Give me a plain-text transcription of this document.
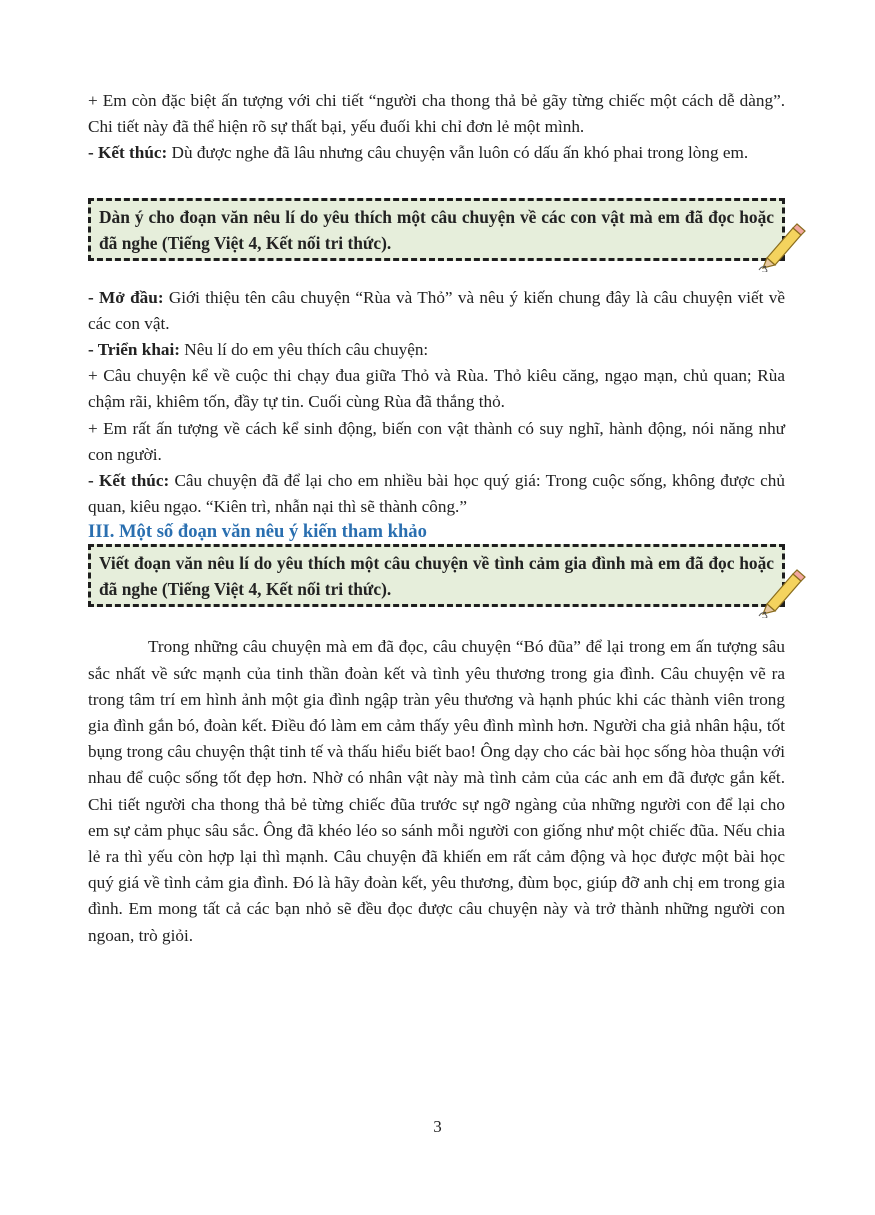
+ Em còn đặc biệt ấn tượng với chi tiết “người cha thong thả bẻ gãy từng chiếc một cách dễ dàng”. Chi tiết này đã thể hiện rõ sự thất bại, yếu đuối khi chỉ đơn lẻ một mình.

- Kết thúc: Dù được nghe đã lâu nhưng câu chuyện vẫn luôn có dấu ấn khó phai trong lòng em.

Dàn ý cho đoạn văn nêu lí do yêu thích một câu chuyện về các con vật mà em đã đọc hoặc đã nghe (Tiếng Việt 4, Kết nối tri thức).

- Mở đầu: Giới thiệu tên câu chuyện “Rùa và Thỏ” và nêu ý kiến chung đây là câu chuyện viết về các con vật.

- Triển khai: Nêu lí do em yêu thích câu chuyện:

+ Câu chuyện kể về cuộc thi chạy đua giữa Thỏ và Rùa. Thỏ kiêu căng, ngạo mạn, chủ quan; Rùa chậm rãi, khiêm tốn, đầy tự tin. Cuối cùng Rùa đã thắng thỏ.

+ Em rất ấn tượng về cách kể sinh động, biến con vật thành có suy nghĩ, hành động, nói năng như con người.

- Kết thúc: Câu chuyện đã để lại cho em nhiều bài học quý giá: Trong cuộc sống, không được chủ quan, kiêu ngạo. “Kiên trì, nhẫn nại thì sẽ thành công.”

III. Một số đoạn văn nêu ý kiến tham khảo
Viết đoạn văn nêu lí do yêu thích một câu chuyện về tình cảm gia đình mà em đã đọc hoặc đã nghe (Tiếng Việt 4, Kết nối tri thức).

Trong những câu chuyện mà em đã đọc, câu chuyện “Bó đũa” để lại trong em ấn tượng sâu sắc nhất về sức mạnh của tinh thần đoàn kết và tình yêu thương trong gia đình. Câu chuyện vẽ ra trong tâm trí em hình ảnh một gia đình ngập tràn yêu thương và hạnh phúc khi các thành viên trong gia đình gắn bó, đoàn kết. Điều đó làm em cảm thấy yêu đình mình hơn. Người cha giả nhân hậu, tốt bụng trong câu chuyện thật tinh tế và thấu hiểu biết bao! Ông dạy cho các bài học sống hòa thuận với nhau để cuộc sống tốt đẹp hơn. Nhờ có nhân vật này mà tình cảm của các anh em đã được gắn kết. Chi tiết người cha thong thả bẻ từng chiếc đũa trước sự ngỡ ngàng của những người con để lại cho em sự cảm phục sâu sắc. Ông đã khéo léo so sánh mỗi người con giống như một chiếc đũa. Nếu chia lẻ ra thì yếu còn hợp lại thì mạnh. Câu chuyện đã khiến em rất cảm động và học được một bài học quý giá về tình cảm gia đình. Đó là hãy đoàn kết, yêu thương, đùm bọc, giúp đỡ anh chị em trong gia đình. Em mong tất cả các bạn nhỏ sẽ đều đọc được câu chuyện này và trở thành những người con ngoan, trò giỏi.

3
